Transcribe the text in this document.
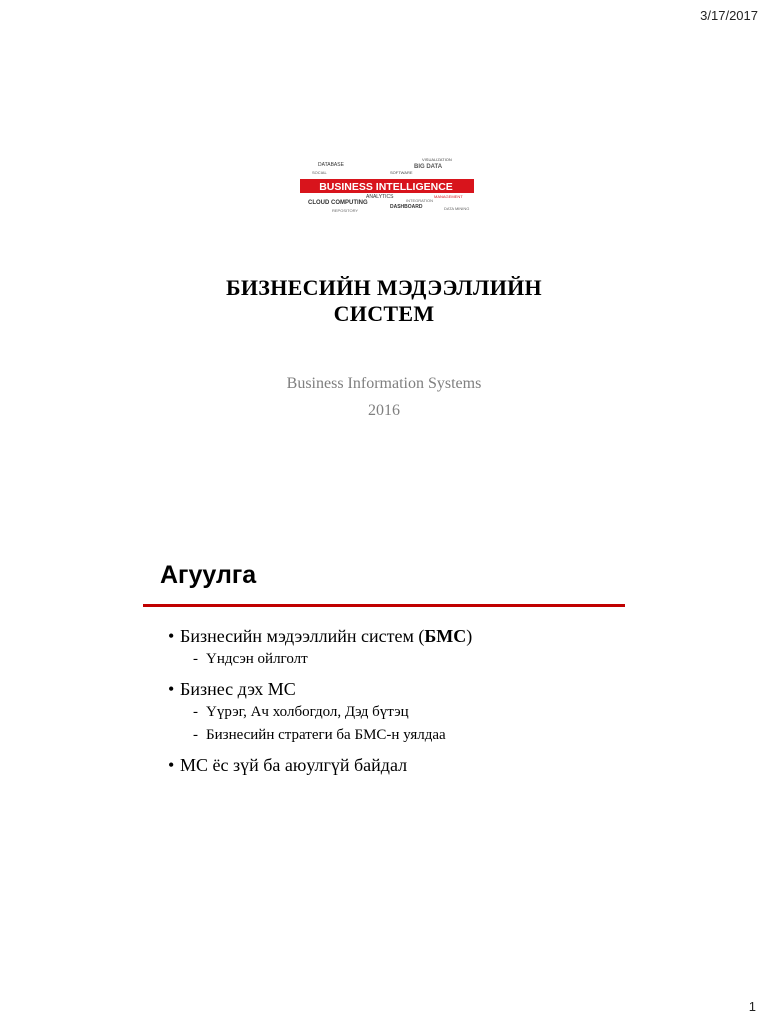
3/17/2017
DATABASE	BIG DATA
VISUALIZATION
CLOUD COMPUTING
ANALYTICS
DASHBOARD
MANAGEMENT
SOFTWARE
INTEGRATION
SOCIAL
REPOSITORY	DATA MINING
BUSINESS INTELLIGENCE
БИЗНЕСИЙН МЭДЭЭЛЛИЙН
СИСТЕМ
Business Information Systems
2016
Агуулга

• Бизнесийн мэдээллийн систем (БМС)

- Үндсэн ойлголт

• Бизнес дэх МС

- Үүрэг, Ач холбогдол, Дэд бүтэц

- Бизнесийн стратеги ба БМС-н уялдаа

• МС ёс зүй ба аюулгүй байдал

1
